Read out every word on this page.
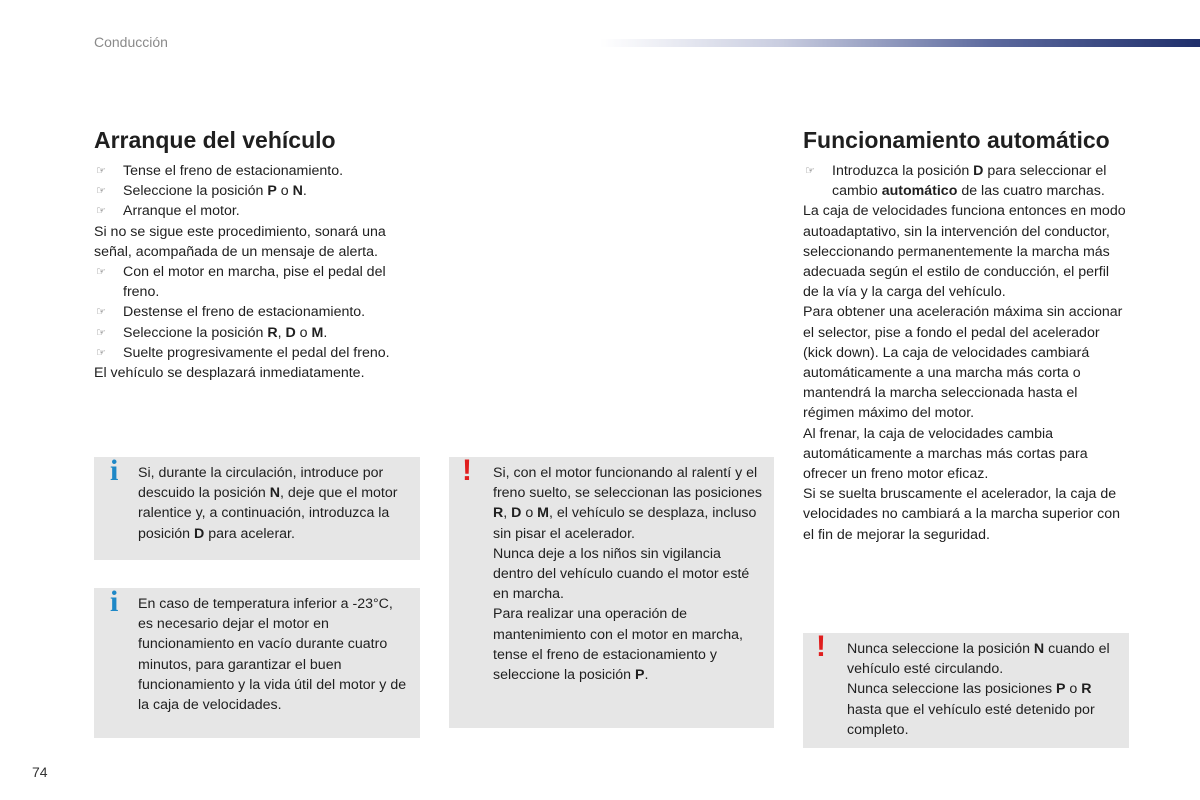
Conducción
Arranque del vehículo

☞ Tense el freno de estacionamiento.

☞ Seleccione la posición P o N.

☞ Arranque el motor.

Si no se sigue este procedimiento, sonará una señal, acompañada de un mensaje de alerta.

☞ Con el motor en marcha, pise el pedal del freno.

☞ Destense el freno de estacionamiento.

☞ Seleccione la posición R, D o M.

☞ Suelte progresivamente el pedal del freno.

El vehículo se desplazará inmediatamente.

Funcionamiento automático

☞ Introduzca la posición D para seleccionar el cambio automático de las cuatro marchas.

La caja de velocidades funciona entonces en modo autoadaptativo, sin la intervención del conductor, seleccionando permanentemente la marcha más adecuada según el estilo de conducción, el perfil de la vía y la carga del vehículo.

Para obtener una aceleración máxima sin accionar el selector, pise a fondo el pedal del acelerador (kick down). La caja de velocidades cambiará automáticamente a una marcha más corta o mantendrá la marcha seleccionada hasta el régimen máximo del motor.

Al frenar, la caja de velocidades cambia automáticamente a marchas más cortas para ofrecer un freno motor eficaz.

Si se suelta bruscamente el acelerador, la caja de velocidades no cambiará a la marcha superior con el fin de mejorar la seguridad.

i Si, durante la circulación, introduce por descuido la posición N, deje que el motor ralentice y, a continuación, introduzca la posición D para acelerar.

i En caso de temperatura inferior a -23°C, es necesario dejar el motor en funcionamiento en vacío durante cuatro minutos, para garantizar el buen funcionamiento y la vida útil del motor y de la caja de velocidades.

! Si, con el motor funcionando al ralentí y el freno suelto, se seleccionan las posiciones R, D o M, el vehículo se desplaza, incluso sin pisar el acelerador.

Nunca deje a los niños sin vigilancia dentro del vehículo cuando el motor esté en marcha.

Para realizar una operación de mantenimiento con el motor en marcha, tense el freno de estacionamiento y seleccione la posición P.

! Nunca seleccione la posición N cuando el vehículo esté circulando.

Nunca seleccione las posiciones P o R hasta que el vehículo esté detenido por completo.

74
